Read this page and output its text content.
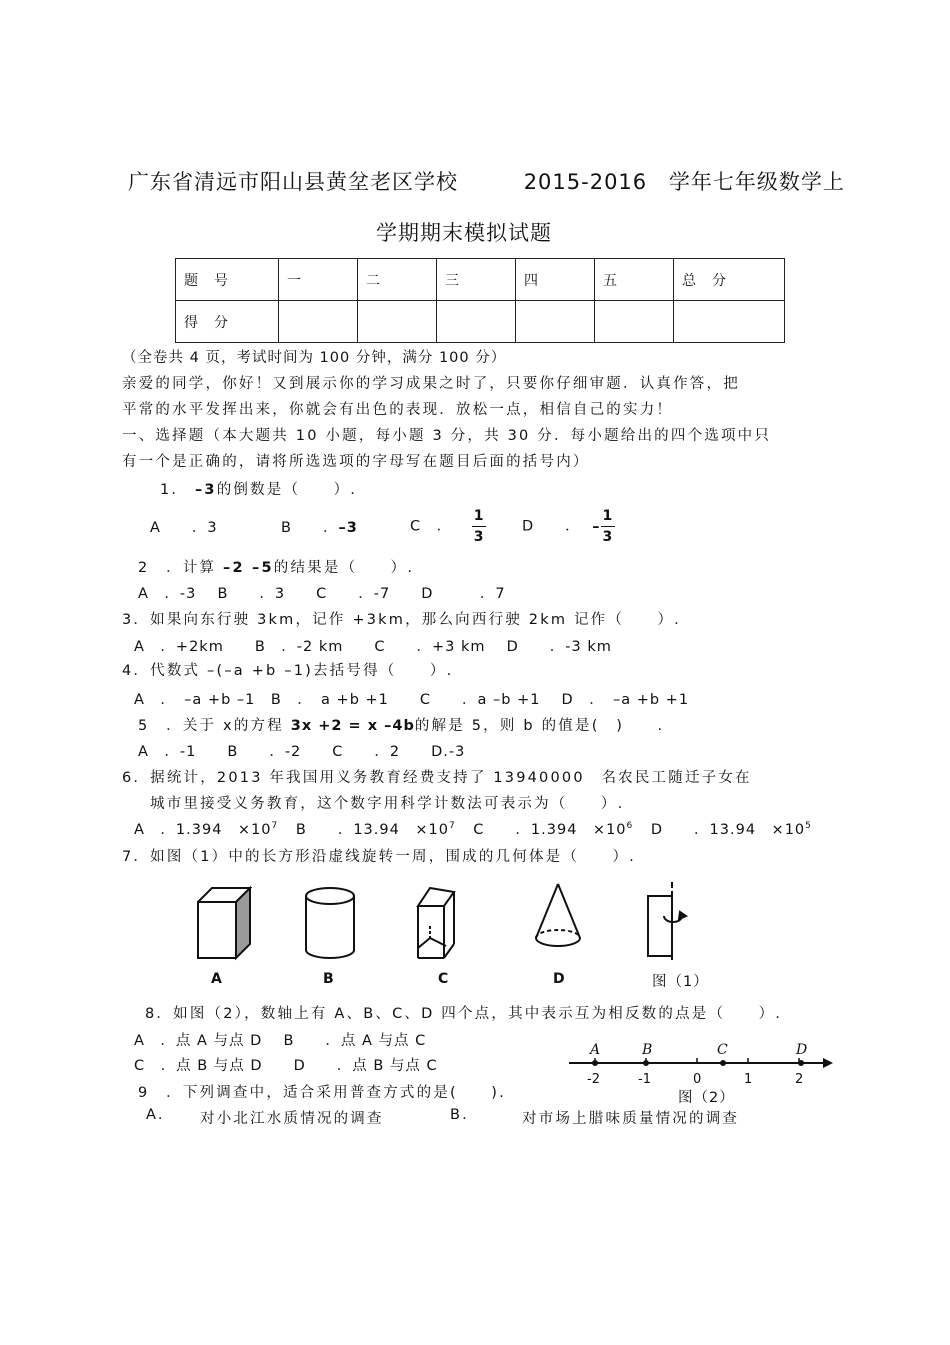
广东省清远市阳山县黄坌老区学校	2015-2016 学年七年级数学上
学期期末模拟试题
题　号	一	二	三	四	五	总　分
得　分						
（全卷共 4 页，考试时间为 100 分钟，满分 100 分）
亲爱的同学，你好！又到展示你的学习成果之时了，只要你仔细审题．认真作答，把
平常的水平发挥出来，你就会有出色的表现．放松一点，相信自己的实力！
一、选择题（本大题共 10 小题，每小题 3 分，共 30 分．每小题给出的四个选项中只
有一个是正确的，请将所选选项的字母写在题目后面的括号内）
1． –3的倒数是（　　）.
A　　．3	B　　．–3	C　． $\frac{1}{3}$ D　　． – $\frac{1}{3}$
2　．计算 –2 –5的结果是（　　）.
A　．-3　 B　　．3　　C　　．-7　　D　　　．7
3．如果向东行驶 3km，记作 +3km，那么向西行驶 2km 记作（　　）.
A　．+2km　　B　．-2 km　　C　　．+3 km　 D　　．-3 km
4．代数式 –(–a +b –1)去括号得（　　）.
A　．　–a +b –1　B　．　a +b +1　　C　　．a –b +1　 D　．　–a +b +1
5　．关于 x的方程 3x +2 = x –4b的解是 5，则 b 的值是(　)　　.
A　．-1　　B　　．-2　　C　　．2　　D.-3
6．据统计，2013 年我国用义务教育经费支持了 13940000　名农民工随迁子女在
城市里接受义务教育，这个数字用科学计数法可表示为（　　）.
A　．1.394　$\times 10^7$ B　　．13.94　$\times 10^7$ C　　．1.394　$\times 10^6$ D　　．13.94　$\times 10^5$
7．如图（1）中的长方形沿虚线旋转一周，围成的几何体是（　　）.
A	B	C	D	图（1）
8．如图（2），数轴上有 A、B、C、D 四个点，其中表示互为相反数的点是（　　）.
A　．点 A 与点 D　 B　　．点 A 与点 C
C　．点 B 与点 D　　D　　．点 B 与点 C
A	B	C	D
-2	-1	0	1	2
图（2）
9　．下列调查中，适合采用普查方式的是(　　).
A. 对小北江水质情况的调查	B.	对市场上腊味质量情况的调查
